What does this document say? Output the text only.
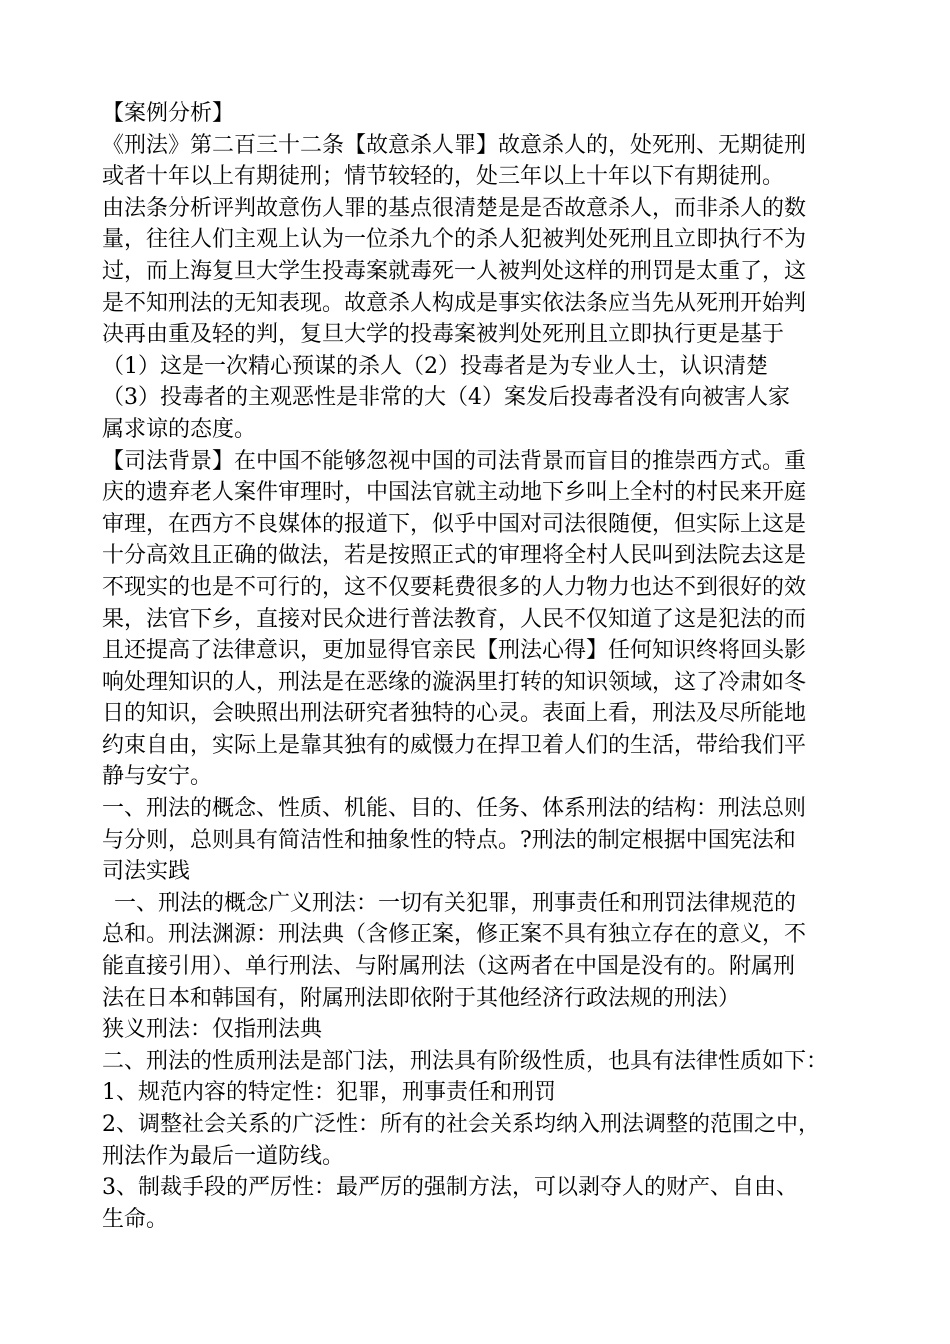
【案例分析】
《刑法》第二百三十二条【故意杀人罪】故意杀人的，处死刑、无期徒刑
或者十年以上有期徒刑；情节较轻的，处三年以上十年以下有期徒刑。
由法条分析评判故意伤人罪的基点很清楚是是否故意杀人，而非杀人的数
量，往往人们主观上认为一位杀九个的杀人犯被判处死刑且立即执行不为
过，而上海复旦大学生投毒案就毒死一人被判处这样的刑罚是太重了，这
是不知刑法的无知表现。故意杀人构成是事实依法条应当先从死刑开始判
决再由重及轻的判，复旦大学的投毒案被判处死刑且立即执行更是基于
（1）这是一次精心预谋的杀人（2）投毒者是为专业人士，认识清楚
（3）投毒者的主观恶性是非常的大（4）案发后投毒者没有向被害人家
属求谅的态度。
【司法背景】在中国不能够忽视中国的司法背景而盲目的推崇西方式。重
庆的遗弃老人案件审理时，中国法官就主动地下乡叫上全村的村民来开庭
审理，在西方不良媒体的报道下，似乎中国对司法很随便，但实际上这是
十分高效且正确的做法，若是按照正式的审理将全村人民叫到法院去这是
不现实的也是不可行的，这不仅要耗费很多的人力物力也达不到很好的效
果，法官下乡，直接对民众进行普法教育，人民不仅知道了这是犯法的而
且还提高了法律意识，更加显得官亲民【刑法心得】任何知识终将回头影
响处理知识的人，刑法是在恶缘的漩涡里打转的知识领域，这了冷肃如冬
日的知识，会映照出刑法研究者独特的心灵。表面上看，刑法及尽所能地
约束自由，实际上是靠其独有的威慑力在捍卫着人们的生活，带给我们平
静与安宁。
一、刑法的概念、性质、机能、目的、任务、体系刑法的结构：刑法总则
与分则，总则具有简洁性和抽象性的特点。?刑法的制定根据中国宪法和
司法实践
一、刑法的概念广义刑法：一切有关犯罪，刑事责任和刑罚法律规范的
总和。刑法渊源：刑法典（含修正案，修正案不具有独立存在的意义，不
能直接引用）、单行刑法、与附属刑法（这两者在中国是没有的。附属刑
法在日本和韩国有，附属刑法即依附于其他经济行政法规的刑法）
狭义刑法：仅指刑法典
二、刑法的性质刑法是部门法，刑法具有阶级性质，也具有法律性质如下：
1、规范内容的特定性：犯罪，刑事责任和刑罚
2、调整社会关系的广泛性：所有的社会关系均纳入刑法调整的范围之中，
刑法作为最后一道防线。
3、制裁手段的严厉性：最严厉的强制方法，可以剥夺人的财产、自由、
生命。
